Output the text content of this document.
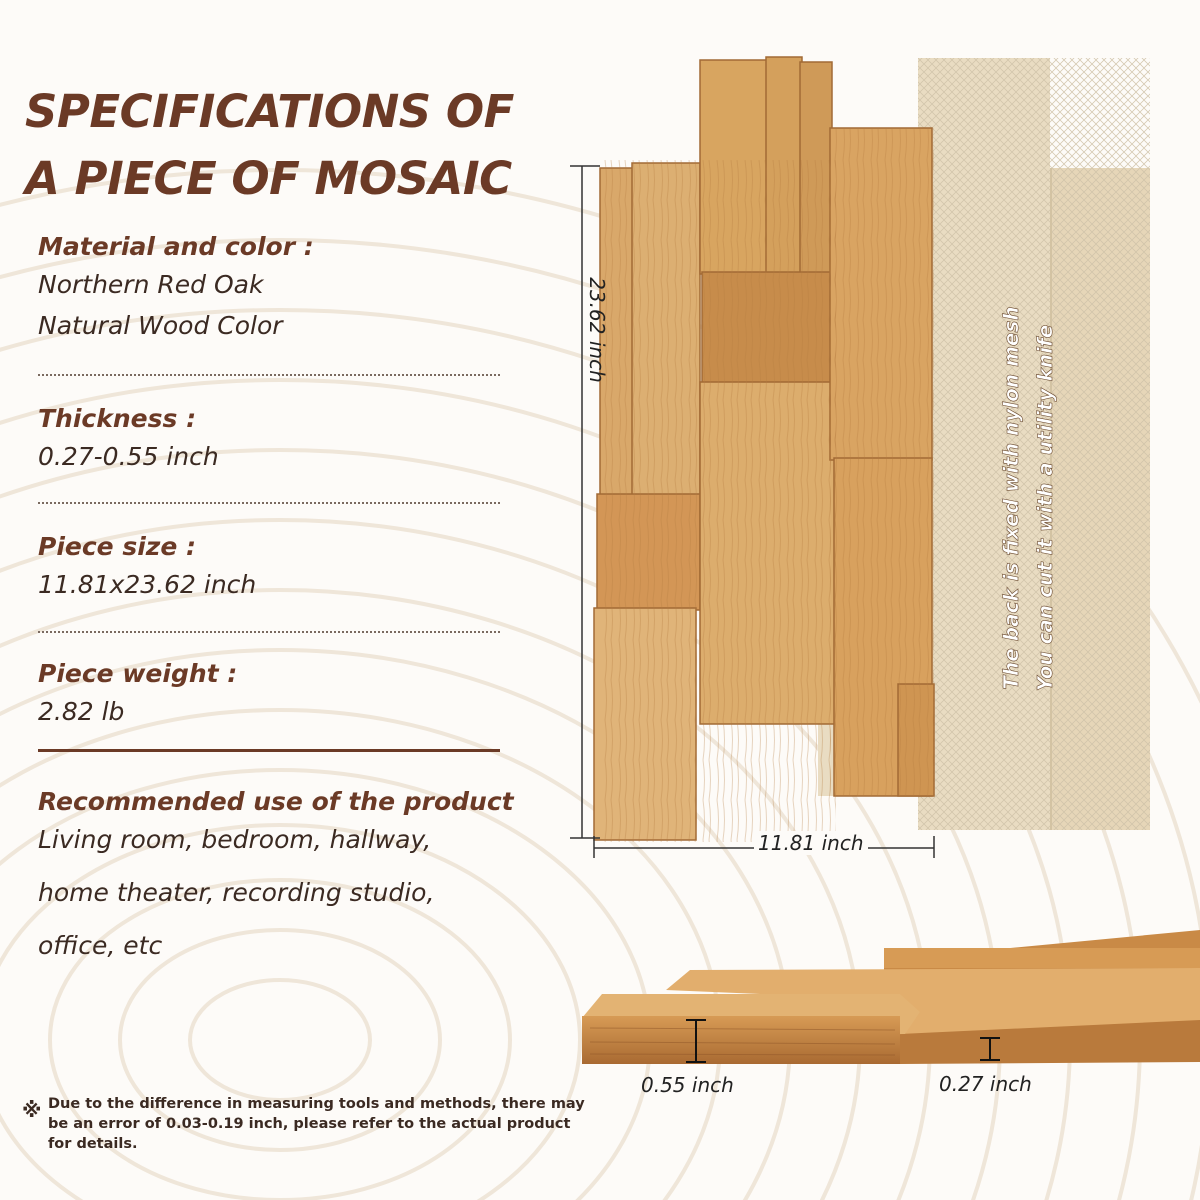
SPECIFICATIONS OF
A PIECE OF MOSAIC
Material and color :
Northern Red Oak
Natural Wood Color
Thickness :
0.27-0.55 inch
Piece size :
11.81x23.62 inch
Piece weight :
2.82 lb
Recommended use of the product
Living room, bedroom, hallway,
home theater, recording studio,
office, etc
23.62 inch	The back is fixed with nylon mesh You can cut it with a utility knife
11.81 inch
0.55 inch	0.27 inch
※ Due to the difference in measuring tools and methods, there may be an error of 0.03-0.19 inch, please refer to the actual product for details.
